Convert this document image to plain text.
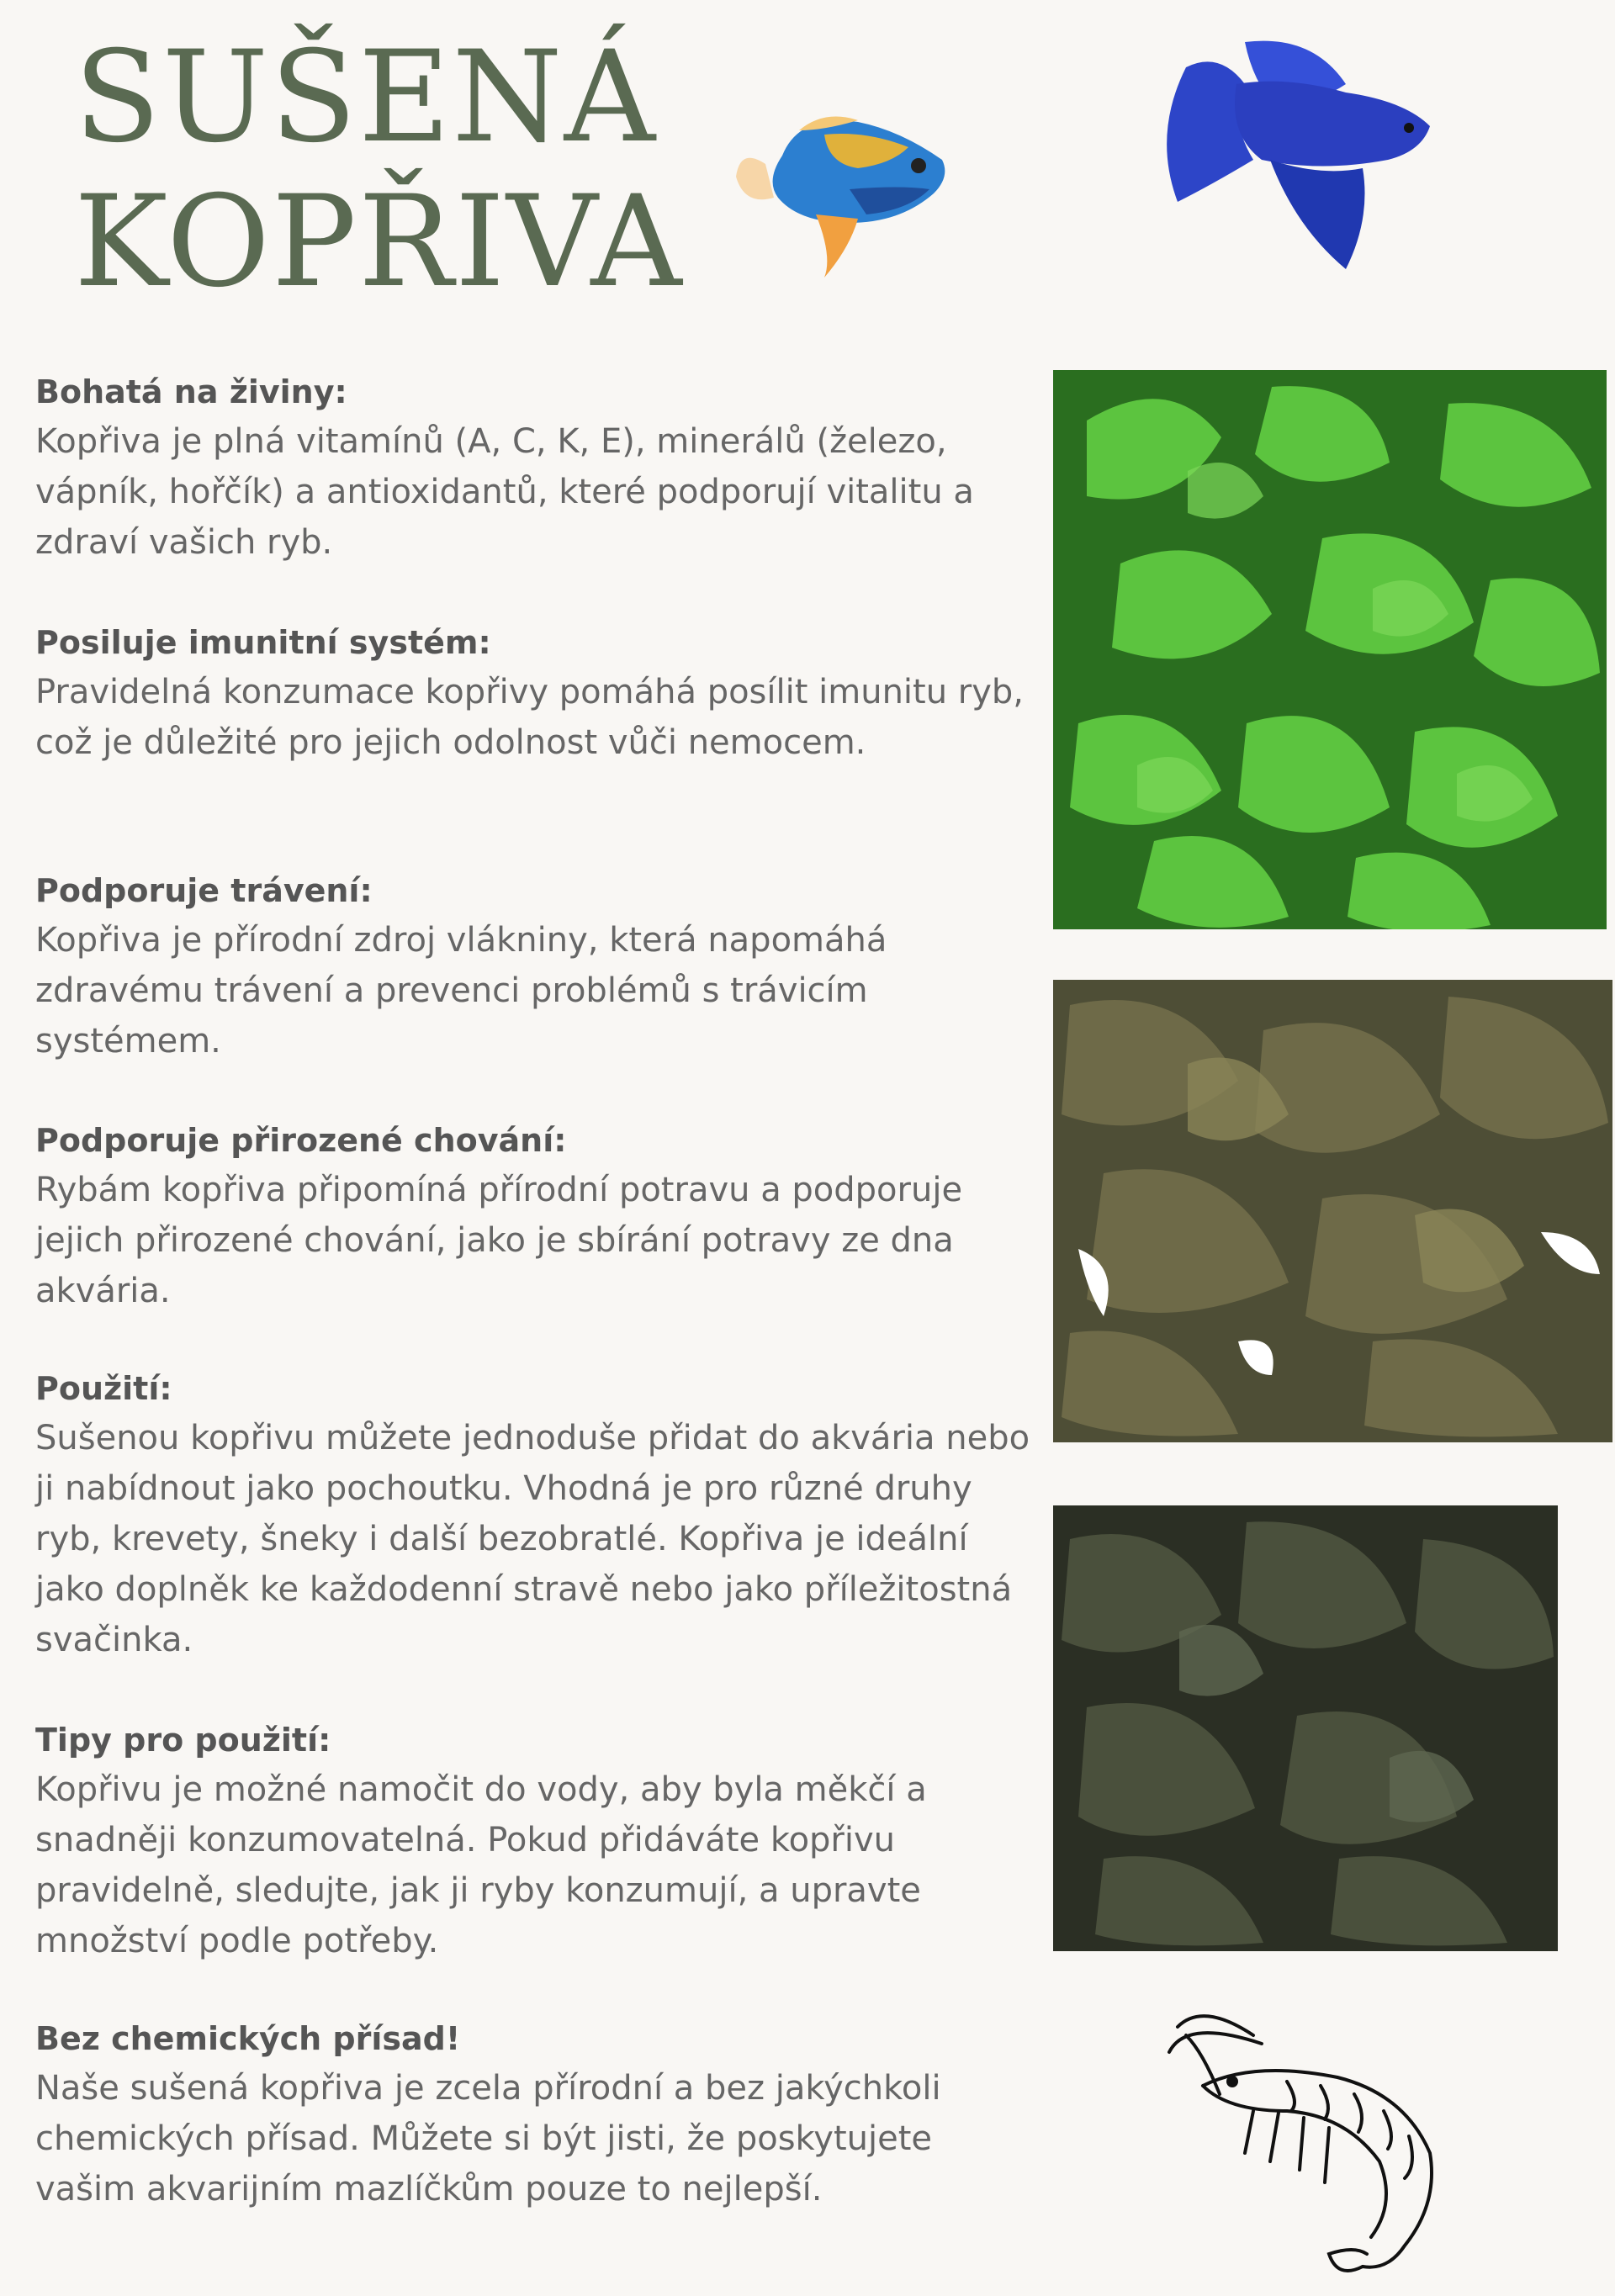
SUŠENÁ
KOPŘIVA
Bohatá na živiny:

Kopřiva je plná vitamínů (A, C, K, E), minerálů (železo, vápník, hořčík) a antioxidantů, které podporují vitalitu a zdraví vašich ryb.

Posiluje imunitní systém:

Pravidelná konzumace kopřivy pomáhá posílit imunitu ryb, což je důležité pro jejich odolnost vůči nemocem.

Podporuje trávení:

Kopřiva je přírodní zdroj vlákniny, která napomáhá zdravému trávení a prevenci problémů s trávicím systémem.

Podporuje přirozené chování:

Rybám kopřiva připomíná přírodní potravu a podporuje jejich přirozené chování, jako je sbírání potravy ze dna akvária.

Použití:

Sušenou kopřivu můžete jednoduše přidat do akvária nebo ji nabídnout jako pochoutku. Vhodná je pro různé druhy ryb, krevety, šneky i další bezobratlé. Kopřiva je ideální jako doplněk ke každodenní stravě nebo jako příležitostná svačinka.

Tipy pro použití:

Kopřivu je možné namočit do vody, aby byla měkčí a snadněji konzumovatelná. Pokud přidáváte kopřivu pravidelně, sledujte, jak ji ryby konzumují, a upravte množství podle potřeby.

Bez chemických přísad!

Naše sušená kopřiva je zcela přírodní a bez jakýchkoli chemických přísad. Můžete si být jisti, že poskytujete vašim akvarijním mazlíčkům pouze to nejlepší.
